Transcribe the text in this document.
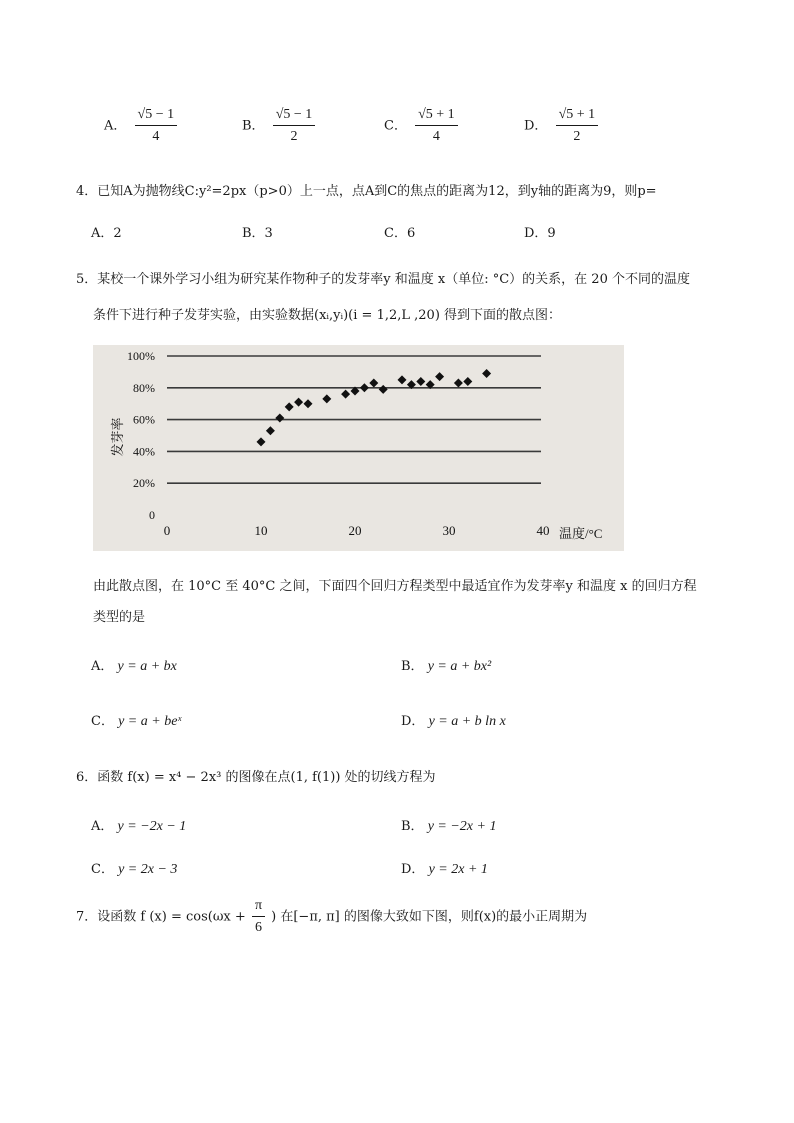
A． $\frac{√5 - 1}{4}$	B． $\frac{√5 - 1}{2}$	C． $\frac{√5 + 1}{4}$	D． $\frac{√5 + 1}{2}$
4．已知A为抛物线C:y²=2px（p>0）上一点，点A到C的焦点的距离为12，到y轴的距离为9，则p=
A．2	B．3	C．6	D．9
5．某校一个课外学习小组为研究某作物种子的发芽率y 和温度 x（单位: °C）的关系，在 20 个不同的温度
条件下进行种子发芽实验，由实验数据(xᵢ,yᵢ)(i = 1,2,L ,20) 得到下面的散点图：
0
20%
40%
60%
80%
100%
0	10	20	30	40 温度/°C
发芽率
由此散点图，在 10°C 至 40°C 之间，下面四个回归方程类型中最适宜作为发芽率y 和温度 x 的回归方程
类型的是
A． y = a + bx	B． y = a + bx²
C． y = a + beˣ	D． y = a + b ln x
6．函数 f(x) = x⁴ − 2x³ 的图像在点(1, f(1)) 处的切线方程为
A． y = −2x − 1	B． y = −2x + 1
C． y = 2x − 3	D． y = 2x + 1
7．设函数 f $(x) = \cos(\omega x + \frac{\pi}{6}$ ) 在[−π, π] 的图像大致如下图，则f(x)的最小正周期为
